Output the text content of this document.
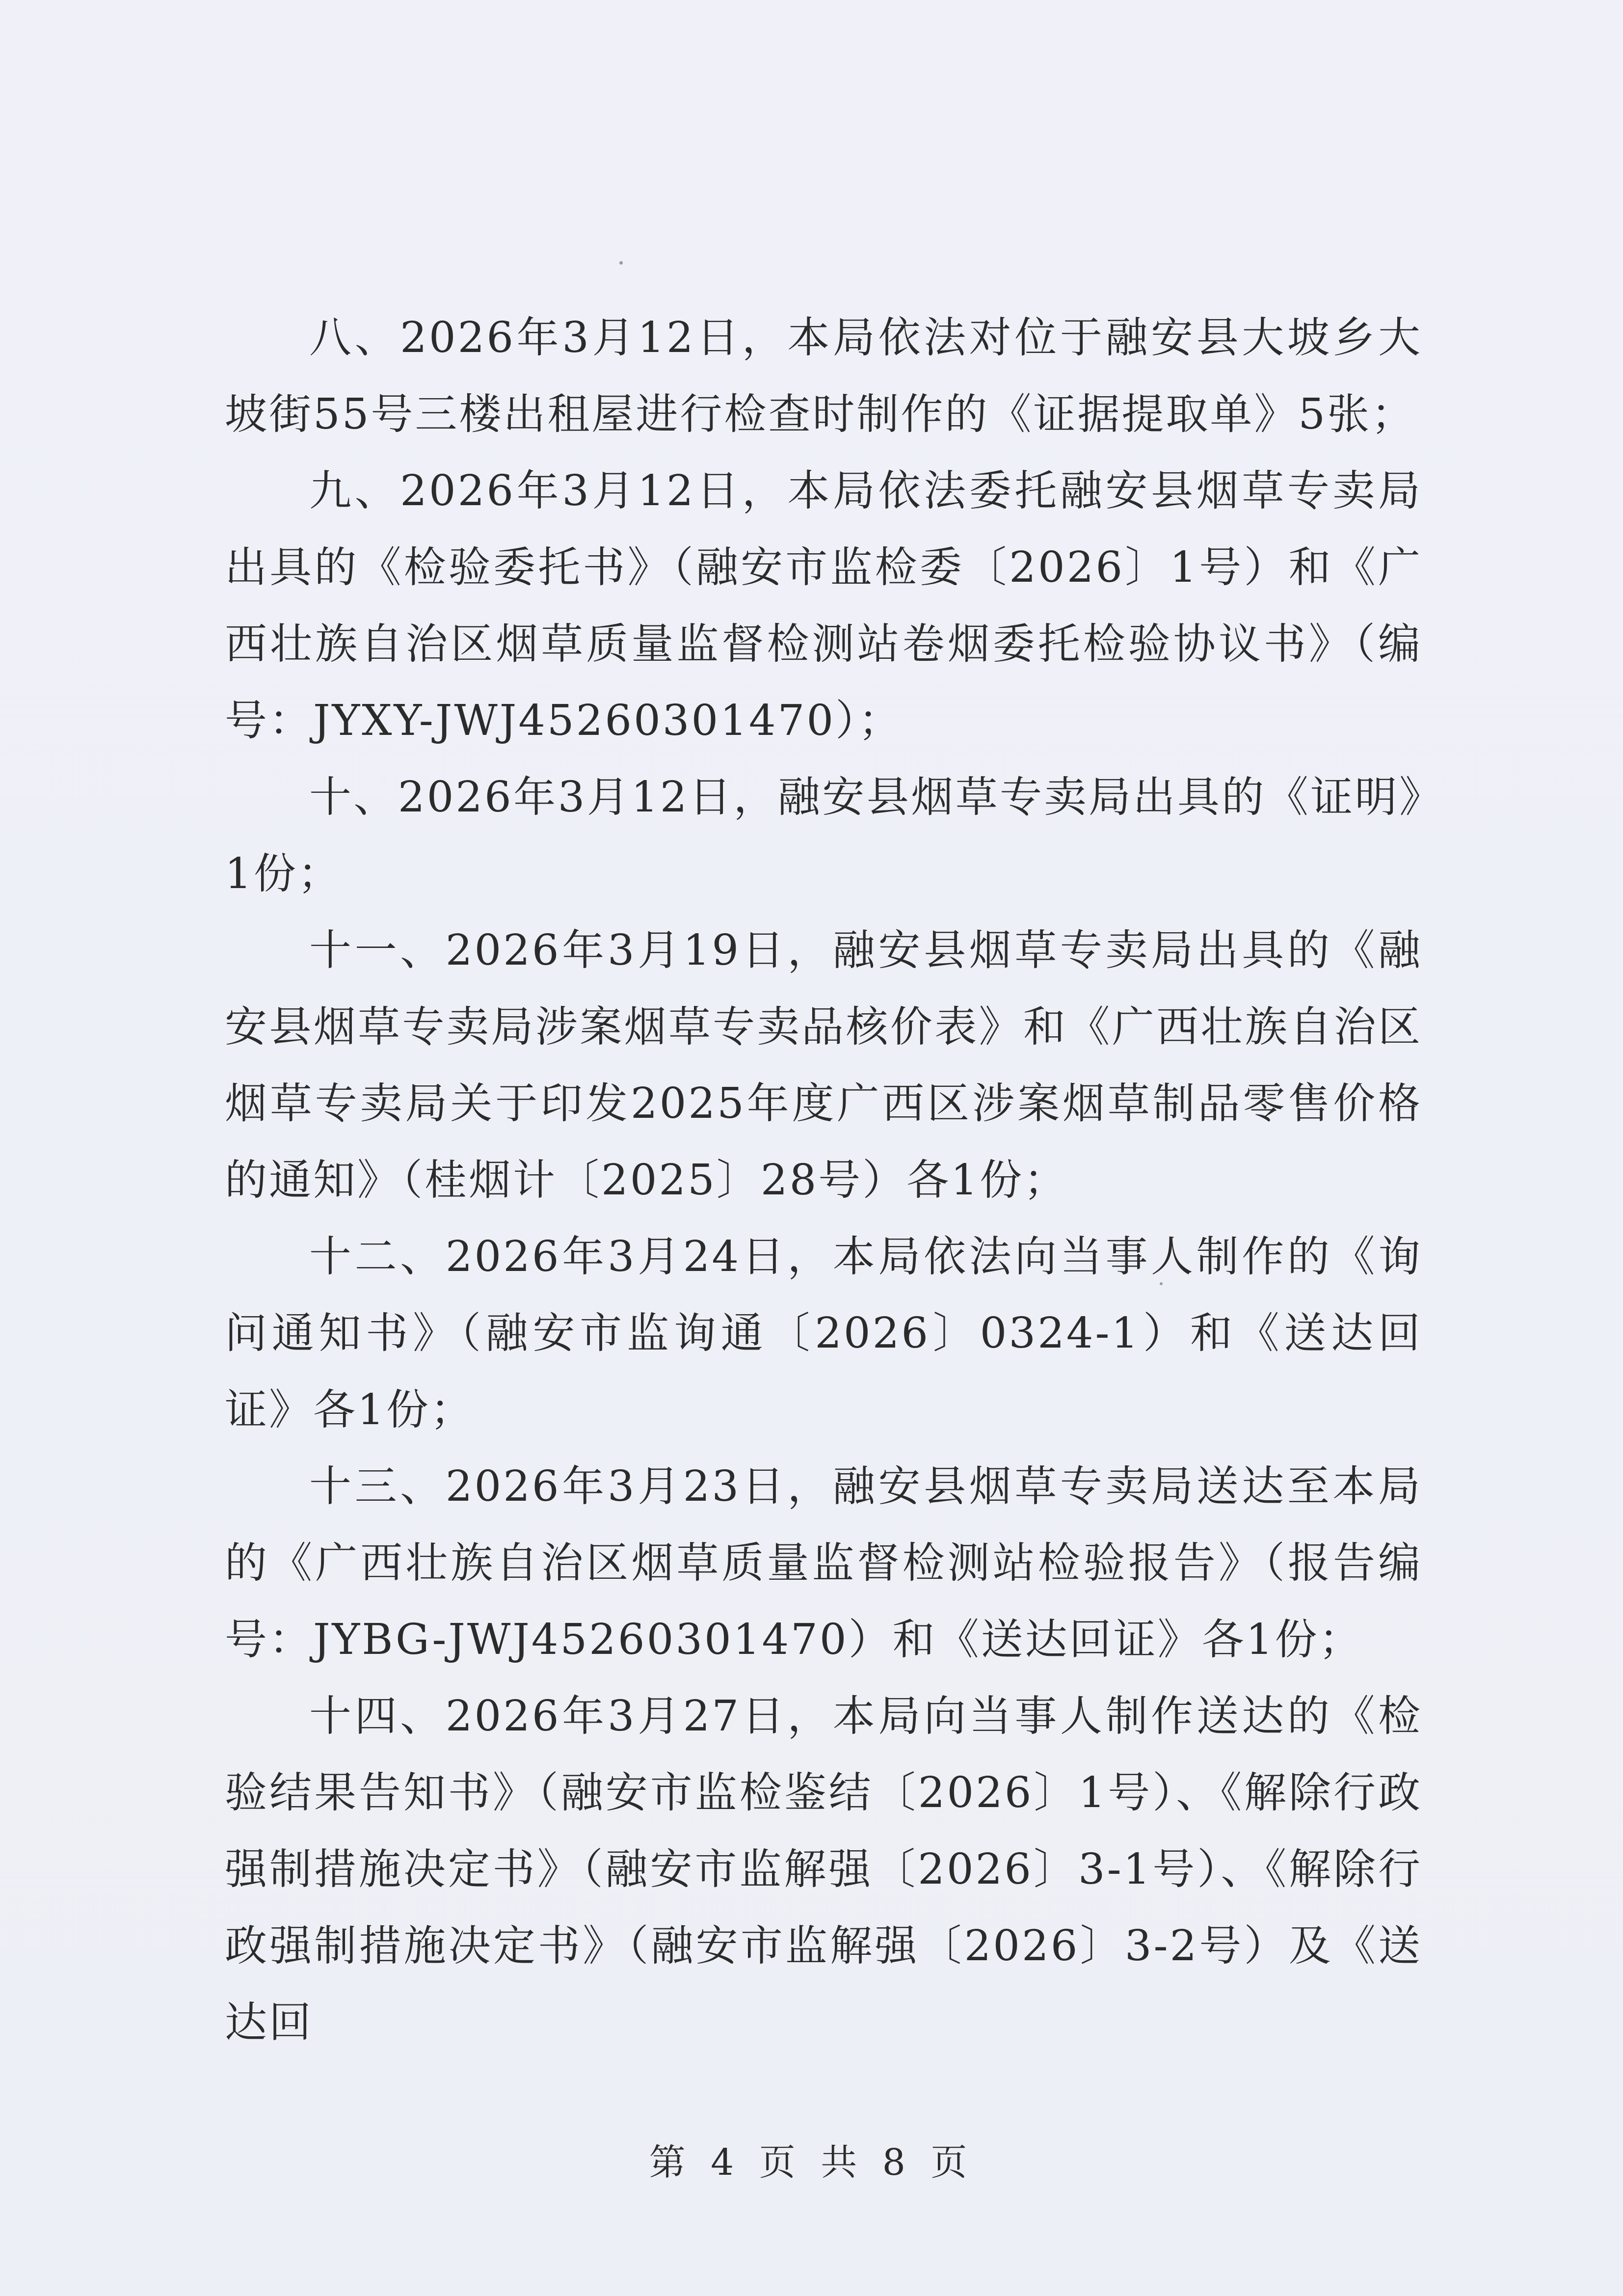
八、2026年3月12日，本局依法对位于融安县大坡乡大坡街55号三楼出租屋进行检查时制作的《证据提取单》5张；

九、2026年3月12日，本局依法委托融安县烟草专卖局出具的《检验委托书》（融安市监检委〔2026〕1号）和《广西壮族自治区烟草质量监督检测站卷烟委托检验协议书》（编号：JYXY-JWJ45260301470）；

十、2026年3月12日，融安县烟草专卖局出具的《证明》1份；

十一、2026年3月19日，融安县烟草专卖局出具的《融安县烟草专卖局涉案烟草专卖品核价表》和《广西壮族自治区烟草专卖局关于印发2025年度广西区涉案烟草制品零售价格的通知》（桂烟计〔2025〕28号）各1份；

十二、2026年3月24日，本局依法向当事人制作的《询问通知书》（融安市监询通〔2026〕0324-1）和《送达回证》各1份；

十三、2026年3月23日，融安县烟草专卖局送达至本局的《广西壮族自治区烟草质量监督检测站检验报告》（报告编号：JYBG-JWJ45260301470）和《送达回证》各1份；

十四、2026年3月27日，本局向当事人制作送达的《检验结果告知书》（融安市监检鉴结〔2026〕1号）、《解除行政强制措施决定书》（融安市监解强〔2026〕3-1号）、《解除行政强制措施决定书》（融安市监解强〔2026〕3-2号）及《送达回

第 4 页 共 8 页
